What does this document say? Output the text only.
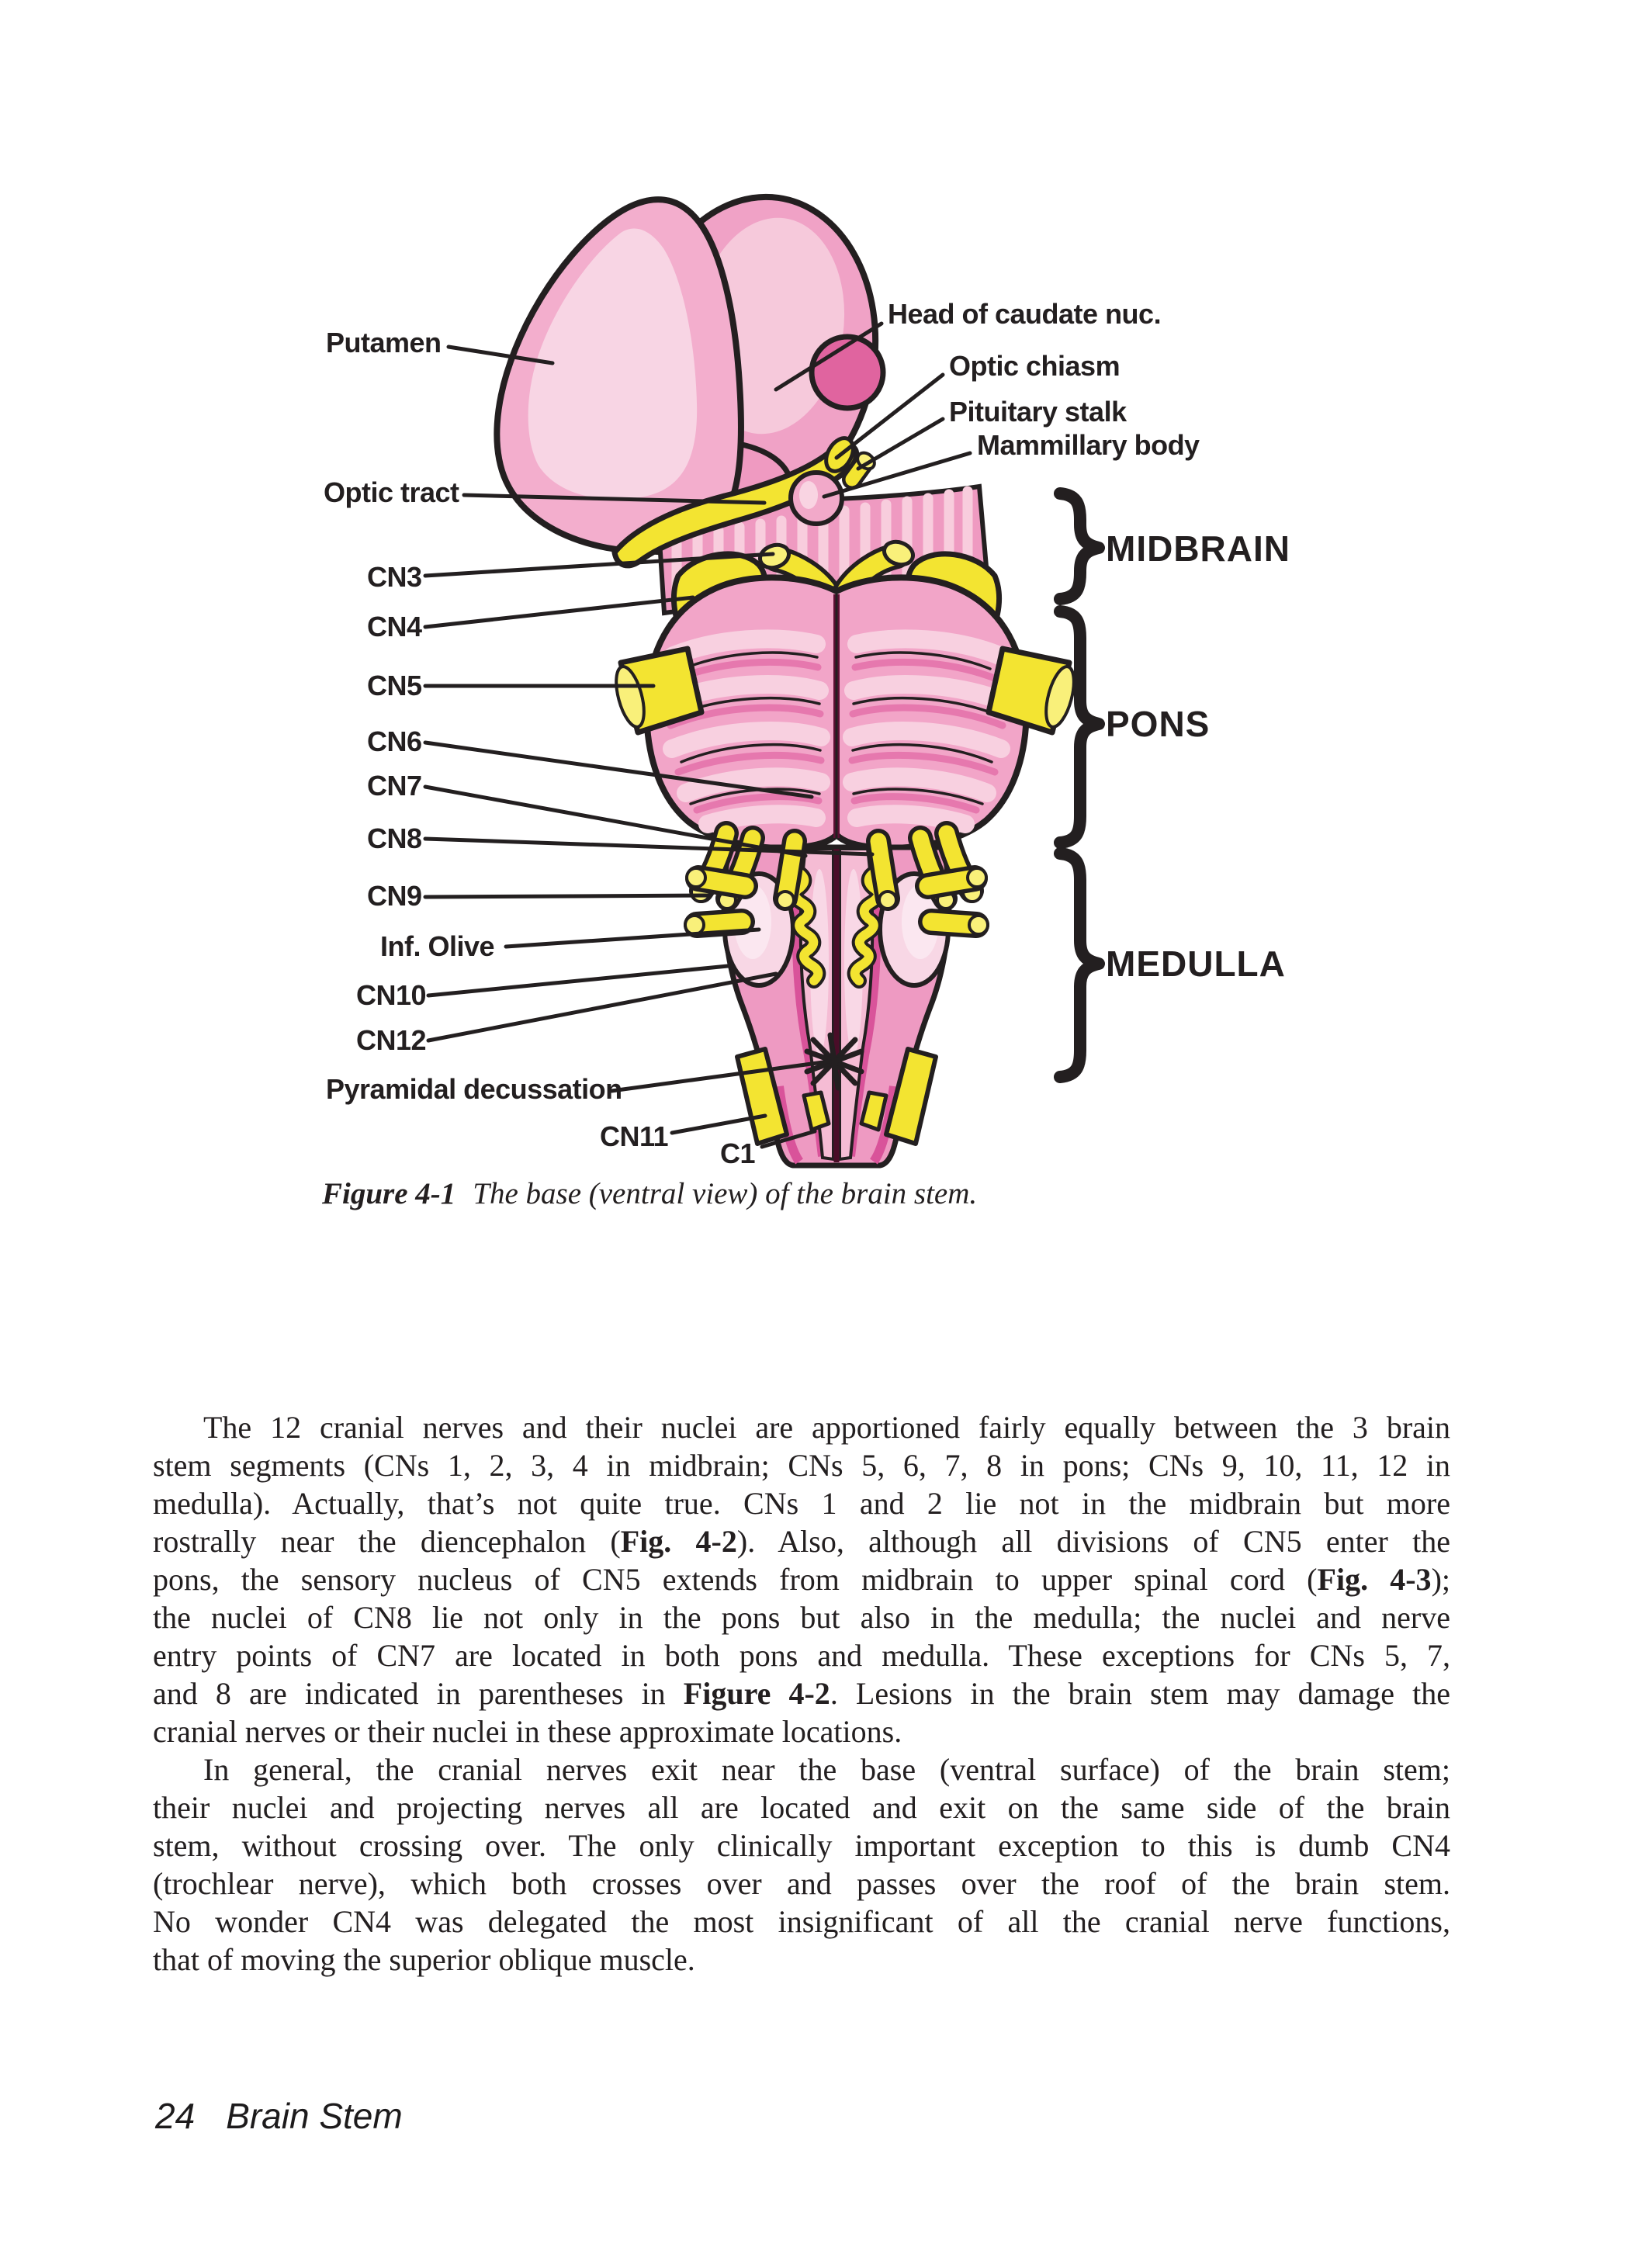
Putamen
Optic tract
CN3
CN4
CN5
CN6
CN7
CN8
CN9
Inf. Olive
CN10
CN12
Pyramidal decussation
CN11
C1
Head of caudate nuc.
Optic chiasm
Pituitary stalk
Mammillary body
MIDBRAIN
PONS
MEDULLA
Figure 4-1 The base (ventral view) of the brain stem.
The 12 cranial nerves and their nuclei are apportioned fairly equally between the 3 brain
stem segments (CNs 1, 2, 3, 4 in midbrain; CNs 5, 6, 7, 8 in pons; CNs 9, 10, 11, 12 in
medulla). Actually, that’s not quite true. CNs 1 and 2 lie not in the midbrain but more
rostrally near the diencephalon (Fig. 4-2). Also, although all divisions of CN5 enter the
pons, the sensory nucleus of CN5 extends from midbrain to upper spinal cord (Fig. 4-3);
the nuclei of CN8 lie not only in the pons but also in the medulla; the nuclei and nerve
entry points of CN7 are located in both pons and medulla. These exceptions for CNs 5, 7,
and 8 are indicated in parentheses in Figure 4-2. Lesions in the brain stem may damage the
cranial nerves or their nuclei in these approximate locations.
In general, the cranial nerves exit near the base (ventral surface) of the brain stem;
their nuclei and projecting nerves all are located and exit on the same side of the brain
stem, without crossing over. The only clinically important exception to this is dumb CN4
(trochlear nerve), which both crosses over and passes over the roof of the brain stem.
No wonder CN4 was delegated the most insignificant of all the cranial nerve functions,
that of moving the superior oblique muscle.
24 Brain Stem
